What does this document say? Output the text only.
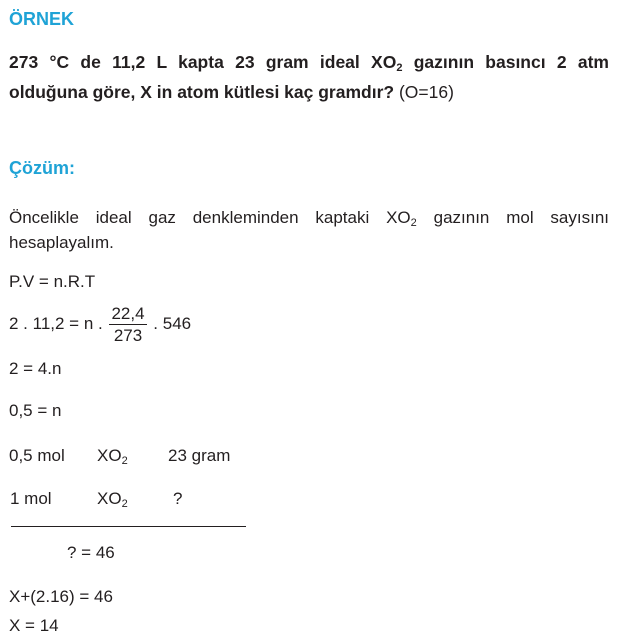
ÖRNEK
273 °C de 11,2 L kapta 23 gram ideal $XO_2$ gazının basıncı 2 atm olduğuna göre, X in atom kütlesi kaç gramdır? (O=16)
Çözüm:
Öncelikle ideal gaz denkleminden kaptaki $XO_2$ gazının mol sayısını hesaplayalım.
P.V = n.R.T
2 . 11,2 = n . $\frac{22,4}{273}$ . 546
2 = 4.n
0,5 = n
0,5 mol $XO_2$ 23 gram
1 mol	$XO_2$	?
? = 46
X+(2.16) = 46
X = 14
